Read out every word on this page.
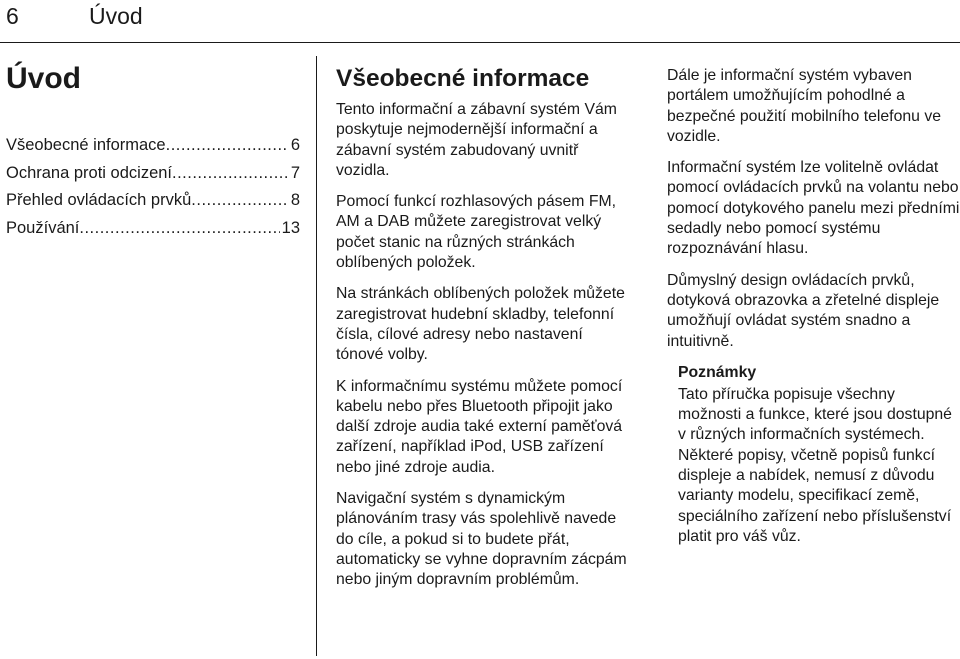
6	Úvod
Úvod
Všeobecné informace .....	6
Ochrana proti odcizení .....	7
Přehled ovládacích prvků .....	8
Používání .....	13
Všeobecné informace

Tento informační a zábavní systém Vám poskytuje nejmodernější informační a zábavní systém zabudovaný uvnitř vozidla.

Pomocí funkcí rozhlasových pásem FM, AM a DAB můžete zaregistrovat velký počet stanic na různých stránkách oblíbených položek.

Na stránkách oblíbených položek můžete zaregistrovat hudební skladby, telefonní čísla, cílové adresy nebo nastavení tónové volby.

K informačnímu systému můžete pomocí kabelu nebo přes Bluetooth připojit jako další zdroje audia také externí paměťová zařízení, například iPod, USB zařízení nebo jiné zdroje audia.

Navigační systém s dynamickým plánováním trasy vás spolehlivě navede do cíle, a pokud si to budete přát, automaticky se vyhne dopravním zácpám nebo jiným dopravním problémům.

Dále je informační systém vybaven portálem umožňujícím pohodlné a bezpečné použití mobilního telefonu ve vozidle.

Informační systém lze volitelně ovládat pomocí ovládacích prvků na volantu nebo pomocí dotykového panelu mezi předními sedadly nebo pomocí systému rozpoznávání hlasu.

Důmyslný design ovládacích prvků, dotyková obrazovka a zřetelné displeje umožňují ovládat systém snadno a intuitivně.

Poznámky

Tato příručka popisuje všechny možnosti a funkce, které jsou dostupné v různých informačních systémech. Některé popisy, včetně popisů funkcí displeje a nabídek, nemusí z důvodu varianty modelu, specifikací země, speciálního zařízení nebo příslušenství platit pro váš vůz.
